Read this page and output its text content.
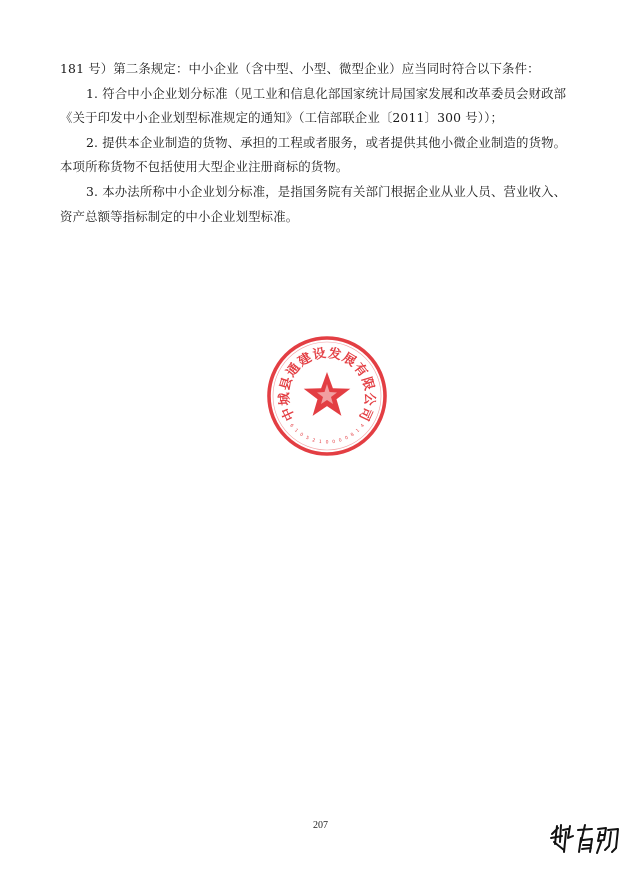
181 号）第二条规定：中小企业（含中型、小型、微型企业）应当同时符合以下条件：

1. 符合中小企业划分标准（见工业和信息化部国家统计局国家发展和改革委员会财政部

《关于印发中小企业划型标准规定的通知》（工信部联企业〔2011〕300 号））；

2. 提供本企业制造的货物、承担的工程或者服务，或者提供其他小微企业制造的货物。

本项所称货物不包括使用大型企业注册商标的货物。

3. 本办法所称中小企业划分标准，是指国务院有关部门根据企业从业人员、营业收入、

资产总额等指标制定的中小企业划型标准。

中
城
县
通
建
设 发
展
有
限
公
司
6
1
0
5 2 1 0 0 0 0
8
1
4
207
